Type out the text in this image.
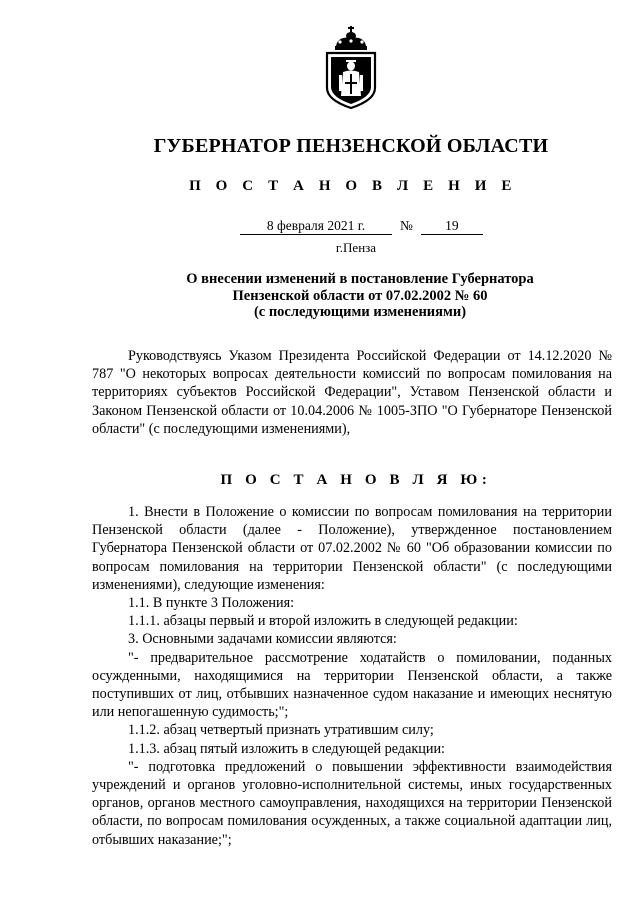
ГУБЕРНАТОР ПЕНЗЕНСКОЙ ОБЛАСТИ
П О С Т А Н О В Л Е Н И Е
8 февраля 2021 г.	№	19
г.Пенза
О внесении изменений в постановление Губернатора
Пензенской области от 07.02.2002 № 60
(с последующими изменениями)

Руководствуясь Указом Президента Российской Федерации от 14.12.2020 № 787 "О некоторых вопросах деятельности комиссий по вопросам помилования на территориях субъектов Российской Федерации", Уставом Пензенской области и Законом Пензенской области от 10.04.2006 № 1005-ЗПО "О Губернаторе Пензенской области" (с последующими изменениями),

П О С Т А Н О В Л Я Ю:

1. Внести в Положение о комиссии по вопросам помилования на территории Пензенской области (далее - Положение), утвержденное постановлением Губернатора Пензенской области от 07.02.2002 № 60 "Об образовании комиссии по вопросам помилования на территории Пензенской области" (с последующими изменениями), следующие изменения:

1.1. В пункте 3 Положения:

1.1.1. абзацы первый и второй изложить в следующей редакции:

3. Основными задачами комиссии являются:

"- предварительное рассмотрение ходатайств о помиловании, поданных осужденными, находящимися на территории Пензенской области, а также поступивших от лиц, отбывших назначенное судом наказание и имеющих неснятую или непогашенную судимость;";

1.1.2. абзац четвертый признать утратившим силу;

1.1.3. абзац пятый изложить в следующей редакции:

"- подготовка предложений о повышении эффективности взаимодействия учреждений и органов уголовно-исполнительной системы, иных государственных органов, органов местного самоуправления, находящихся на территории Пензенской области, по вопросам помилования осужденных, а также социальной адаптации лиц, отбывших наказание;";
